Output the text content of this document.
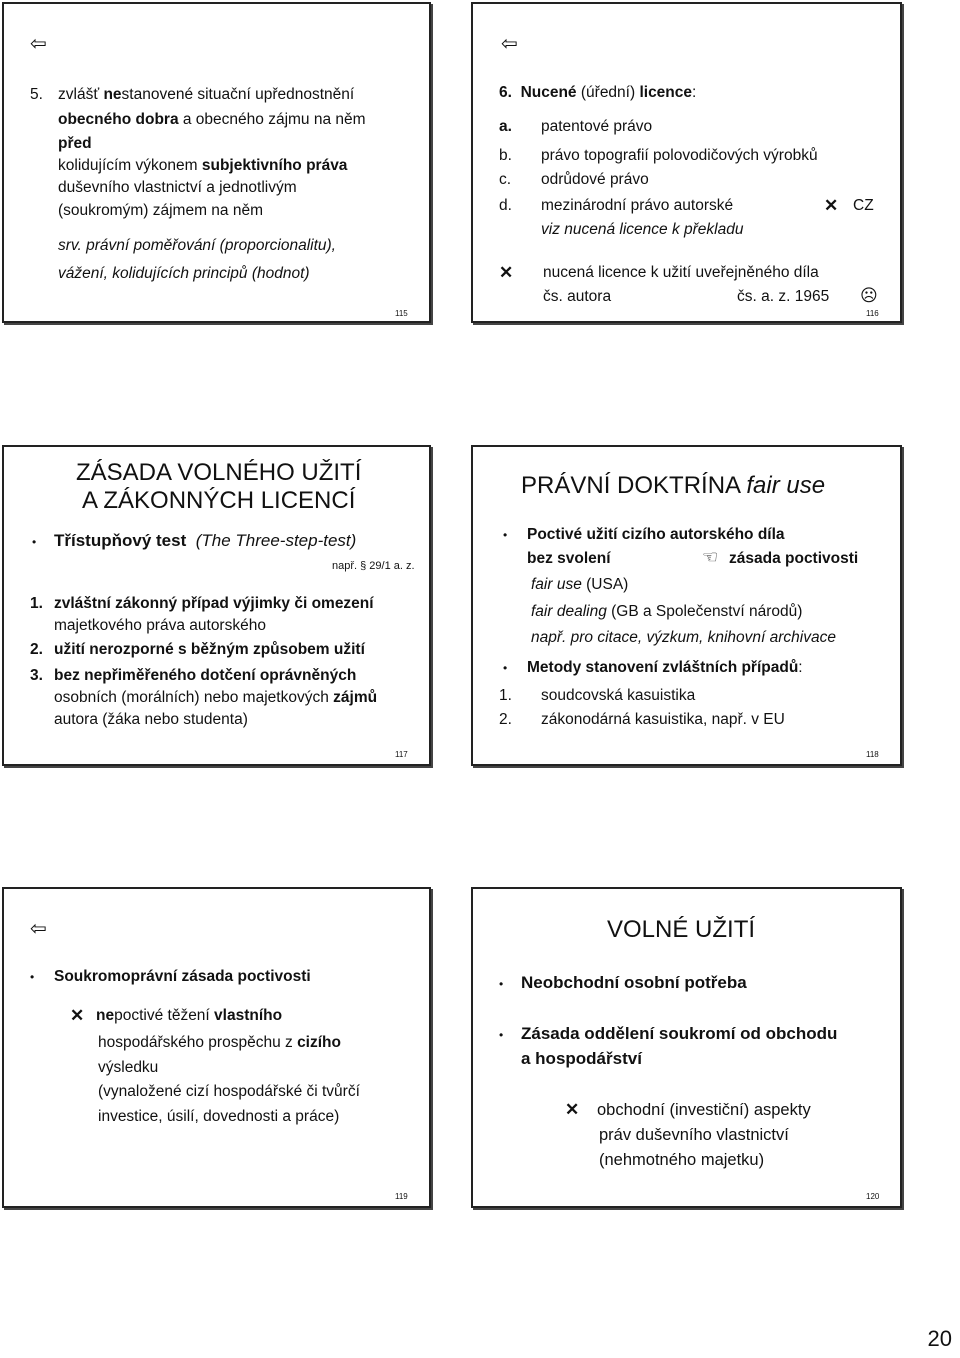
⇦
5. zvlášť nestanovené situační upřednostnění
obecného dobra a obecného zájmu na něm
před
kolidujícím výkonem subjektivního práva
duševního vlastnictví a jednotlivým
(soukromým) zájmem na něm
srv. právní poměřování (proporcionalitu),
vážení, kolidujících principů (hodnot)
115
⇦
6. Nucené (úřední) licence:
a. patentové právo
b. právo topografií polovodičových výrobků
c. odrůdové právo
d. mezinárodní právo autorské	✕ CZ
viz nucená licence k překladu
✕ nucená licence k užití uveřejněného díla
čs. autora	čs. a. z. 1965 ☹
116
ZÁSADA VOLNÉHO UŽITÍ
A ZÁKONNÝCH LICENCÍ
• Třístupňový test (The Three-step-test)
např. § 29/1 a. z.
1. zvláštní zákonný případ výjimky či omezení
majetkového práva autorského
2. užití nerozporné s běžným způsobem užití
3. bez nepřiměřeného dotčení oprávněných
osobních (morálních) nebo majetkových zájmů
autora (žáka nebo studenta)
117
PRÁVNÍ DOKTRÍNA fair use
• Poctivé užití cizího autorského díla
bez svolení	☜ zásada poctivosti
fair use (USA)
fair dealing (GB a Společenství národů)
např. pro citace, výzkum, knihovní archivace
• Metody stanovení zvláštních případů:
1. soudcovská kasuistika
2. zákonodárná kasuistika, např. v EU
118
⇦
• Soukromoprávní zásada poctivosti
✕ nepoctivé těžení vlastního
hospodářského prospěchu z cizího
výsledku
(vynaložené cizí hospodářské či tvůrčí
investice, úsilí, dovednosti a práce)
119
VOLNÉ UŽITÍ
• Neobchodní osobní potřeba
• Zásada oddělení soukromí od obchodu
a hospodářství
✕ obchodní (investiční) aspekty
práv duševního vlastnictví
(nehmotného majetku)
120
20
